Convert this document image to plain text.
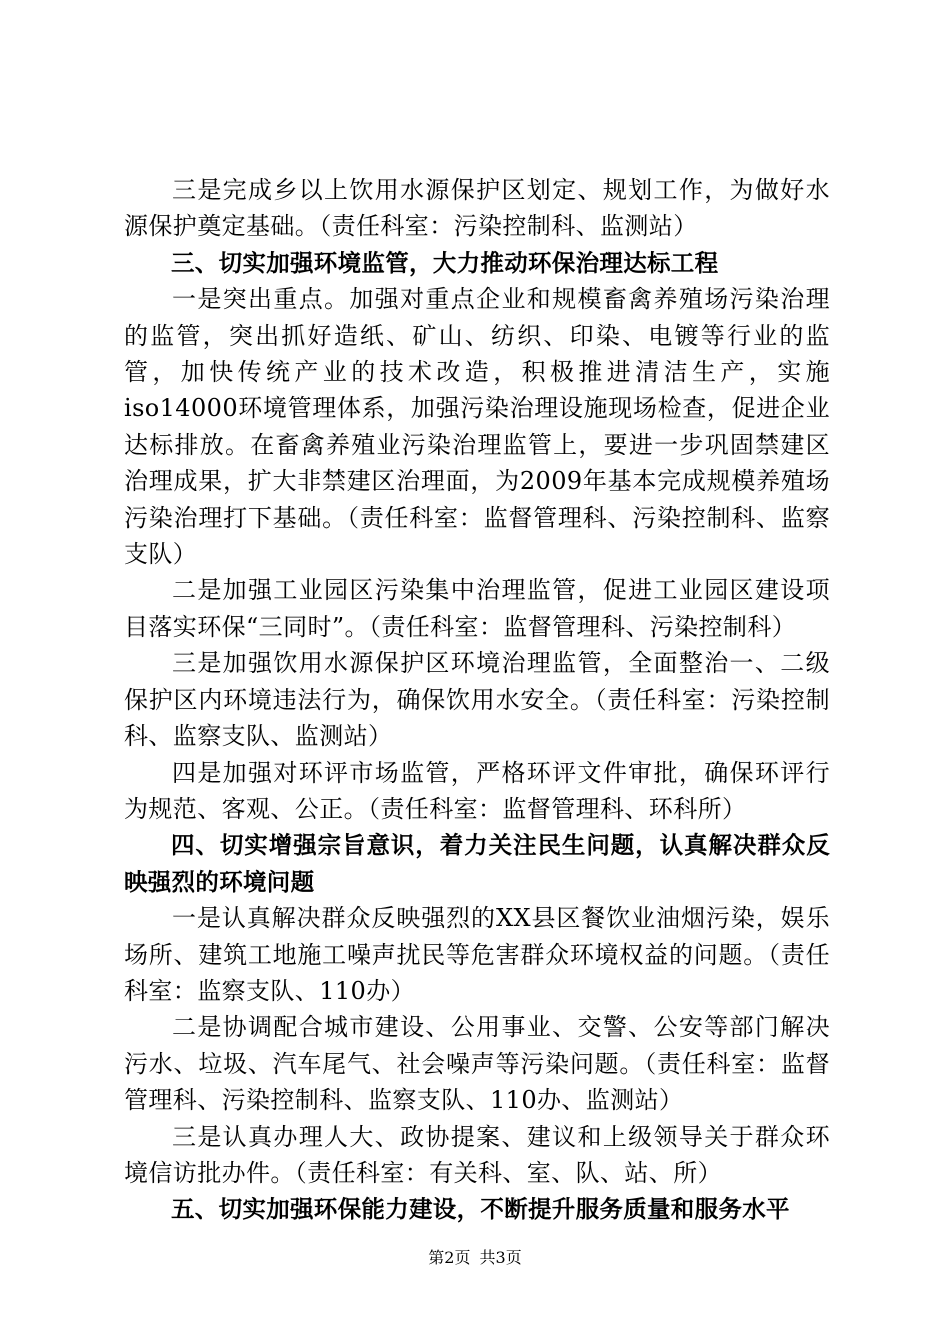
三是完成乡以上饮用水源保护区划定、规划工作，为做好水源保护奠定基础。（责任科室：污染控制科、监测站）

三、切实加强环境监管，大力推动环保治理达标工程

一是突出重点。加强对重点企业和规模畜禽养殖场污染治理的监管，突出抓好造纸、矿山、纺织、印染、电镀等行业的监管，加快传统产业的技术改造，积极推进清洁生产，实施iso14000环境管理体系，加强污染治理设施现场检查，促进企业达标排放。在畜禽养殖业污染治理监管上，要进一步巩固禁建区治理成果，扩大非禁建区治理面，为2009年基本完成规模养殖场污染治理打下基础。（责任科室：监督管理科、污染控制科、监察支队）

二是加强工业园区污染集中治理监管，促进工业园区建设项目落实环保“三同时”。（责任科室：监督管理科、污染控制科）

三是加强饮用水源保护区环境治理监管，全面整治一、二级保护区内环境违法行为，确保饮用水安全。（责任科室：污染控制科、监察支队、监测站）

四是加强对环评市场监管，严格环评文件审批，确保环评行为规范、客观、公正。（责任科室：监督管理科、环科所）

四、切实增强宗旨意识，着力关注民生问题，认真解决群众反映强烈的环境问题

一是认真解决群众反映强烈的XX县区餐饮业油烟污染，娱乐场所、建筑工地施工噪声扰民等危害群众环境权益的问题。（责任科室：监察支队、110办）

二是协调配合城市建设、公用事业、交警、公安等部门解决污水、垃圾、汽车尾气、社会噪声等污染问题。（责任科室：监督管理科、污染控制科、监察支队、110办、监测站）

三是认真办理人大、政协提案、建议和上级领导关于群众环境信访批办件。（责任科室：有关科、室、队、站、所）

五、切实加强环保能力建设，不断提升服务质量和服务水平

第2页 共3页
